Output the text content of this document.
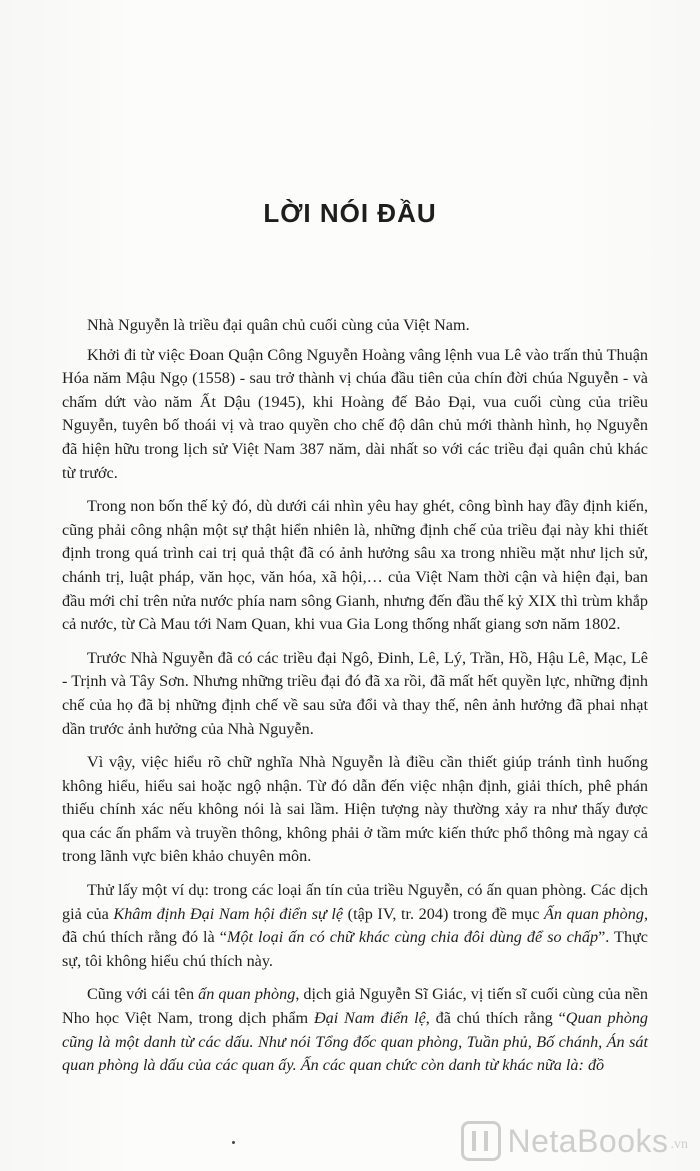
LỜI NÓI ĐẦU

Nhà Nguyễn là triều đại quân chủ cuối cùng của Việt Nam.

Khởi đi từ việc Đoan Quận Công Nguyễn Hoàng vâng lệnh vua Lê vào trấn thủ Thuận Hóa năm Mậu Ngọ (1558) - sau trở thành vị chúa đầu tiên của chín đời chúa Nguyễn - và chấm dứt vào năm Ất Dậu (1945), khi Hoàng đế Bảo Đại, vua cuối cùng của triều Nguyễn, tuyên bố thoái vị và trao quyền cho chế độ dân chủ mới thành hình, họ Nguyễn đã hiện hữu trong lịch sử Việt Nam 387 năm, dài nhất so với các triều đại quân chủ khác từ trước.

Trong non bốn thế kỷ đó, dù dưới cái nhìn yêu hay ghét, công bình hay đầy định kiến, cũng phải công nhận một sự thật hiển nhiên là, những định chế của triều đại này khi thiết định trong quá trình cai trị quả thật đã có ảnh hưởng sâu xa trong nhiều mặt như lịch sử, chánh trị, luật pháp, văn học, văn hóa, xã hội,… của Việt Nam thời cận và hiện đại, ban đầu mới chỉ trên nửa nước phía nam sông Gianh, nhưng đến đầu thế kỷ XIX thì trùm khắp cả nước, từ Cà Mau tới Nam Quan, khi vua Gia Long thống nhất giang sơn năm 1802.

Trước Nhà Nguyễn đã có các triều đại Ngô, Đinh, Lê, Lý, Trần, Hồ, Hậu Lê, Mạc, Lê - Trịnh và Tây Sơn. Nhưng những triều đại đó đã xa rồi, đã mất hết quyền lực, những định chế của họ đã bị những định chế về sau sửa đổi và thay thế, nên ảnh hưởng đã phai nhạt dần trước ảnh hưởng của Nhà Nguyễn.

Vì vậy, việc hiểu rõ chữ nghĩa Nhà Nguyễn là điều cần thiết giúp tránh tình huống không hiểu, hiểu sai hoặc ngộ nhận. Từ đó dẫn đến việc nhận định, giải thích, phê phán thiếu chính xác nếu không nói là sai lầm. Hiện tượng này thường xảy ra như thấy được qua các ấn phẩm và truyền thông, không phải ở tầm mức kiến thức phổ thông mà ngay cả trong lãnh vực biên khảo chuyên môn.

Thử lấy một ví dụ: trong các loại ấn tín của triều Nguyễn, có ấn quan phòng. Các dịch giả của Khâm định Đại Nam hội điển sự lệ (tập IV, tr. 204) trong đề mục Ấn quan phòng, đã chú thích rằng đó là “Một loại ấn có chữ khác cùng chia đôi dùng để so chấp”. Thực sự, tôi không hiểu chú thích này.

Cũng với cái tên ấn quan phòng, dịch giả Nguyễn Sĩ Giác, vị tiến sĩ cuối cùng của nền Nho học Việt Nam, trong dịch phẩm Đại Nam điển lệ, đã chú thích rằng “Quan phòng cũng là một danh từ các dấu. Như nói Tổng đốc quan phòng, Tuần phủ, Bố chánh, Án sát quan phòng là dấu của các quan ấy. Ấn các quan chức còn danh từ khác nữa là: đồ

NetaBooks .vn
